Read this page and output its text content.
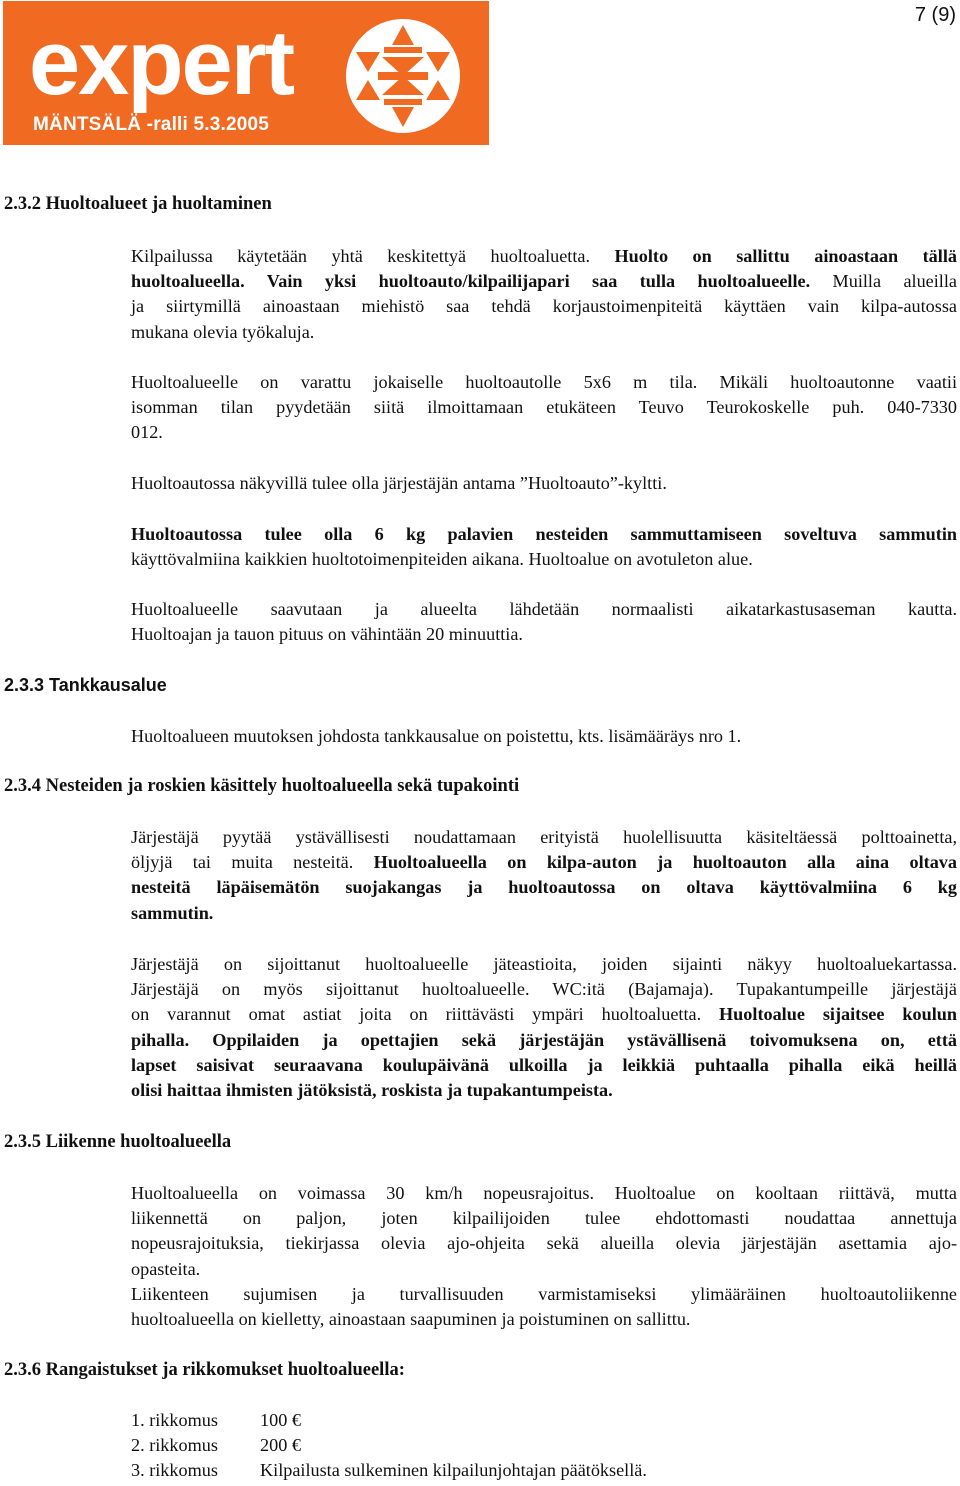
7 (9)
expert
MÄNTSÄLÄ -ralli 5.3.2005
2.3.2 Huoltoalueet ja huoltaminen
Kilpailussa käytetään yhtä keskitettyä huoltoaluetta. Huolto on sallittu ainoastaan tällä
huoltoalueella. Vain yksi huoltoauto/kilpailijapari saa tulla huoltoalueelle. Muilla alueilla
ja siirtymillä ainoastaan miehistö saa tehdä korjaustoimenpiteitä käyttäen vain kilpa-autossa
mukana olevia työkaluja.
Huoltoalueelle on varattu jokaiselle huoltoautolle 5x6 m tila. Mikäli huoltoautonne vaatii
isomman tilan pyydetään siitä ilmoittamaan etukäteen Teuvo Teurokoskelle puh. 040-7330
012.
Huoltoautossa näkyvillä tulee olla järjestäjän antama ”Huoltoauto”-kyltti.
Huoltoautossa tulee olla 6 kg palavien nesteiden sammuttamiseen soveltuva sammutin
käyttövalmiina kaikkien huoltotoimenpiteiden aikana. Huoltoalue on avotuleton alue.
Huoltoalueelle saavutaan ja alueelta lähdetään normaalisti aikatarkastusaseman kautta.
Huoltoajan ja tauon pituus on vähintään 20 minuuttia.
2.3.3 Tankkausalue
Huoltoalueen muutoksen johdosta tankkausalue on poistettu, kts. lisämääräys nro 1.
2.3.4 Nesteiden ja roskien käsittely huoltoalueella sekä tupakointi
Järjestäjä pyytää ystävällisesti noudattamaan erityistä huolellisuutta käsiteltäessä polttoainetta,
öljyjä tai muita nesteitä. Huoltoalueella on kilpa-auton ja huoltoauton alla aina oltava
nesteitä läpäisemätön suojakangas ja huoltoautossa on oltava käyttövalmiina 6 kg
sammutin.
Järjestäjä on sijoittanut huoltoalueelle jäteastioita, joiden sijainti näkyy huoltoaluekartassa.
Järjestäjä on myös sijoittanut huoltoalueelle. WC:itä (Bajamaja). Tupakantumpeille järjestäjä
on varannut omat astiat joita on riittävästi ympäri huoltoaluetta. Huoltoalue sijaitsee koulun
pihalla. Oppilaiden ja opettajien sekä järjestäjän ystävällisenä toivomuksena on, että
lapset saisivat seuraavana koulupäivänä ulkoilla ja leikkiä puhtaalla pihalla eikä heillä
olisi haittaa ihmisten jätöksistä, roskista ja tupakantumpeista.
2.3.5 Liikenne huoltoalueella
Huoltoalueella on voimassa 30 km/h nopeusrajoitus. Huoltoalue on kooltaan riittävä, mutta
liikennettä on paljon, joten kilpailijoiden tulee ehdottomasti noudattaa annettuja
nopeusrajoituksia, tiekirjassa olevia ajo-ohjeita sekä alueilla olevia järjestäjän asettamia ajo-
opasteita.
Liikenteen sujumisen ja turvallisuuden varmistamiseksi ylimääräinen huoltoautoliikenne
huoltoalueella on kielletty, ainoastaan saapuminen ja poistuminen on sallittu.
2.3.6 Rangaistukset ja rikkomukset huoltoalueella:
1. rikkomus	100 €
2. rikkomus	200 €
3. rikkomus	Kilpailusta sulkeminen kilpailunjohtajan päätöksellä.
